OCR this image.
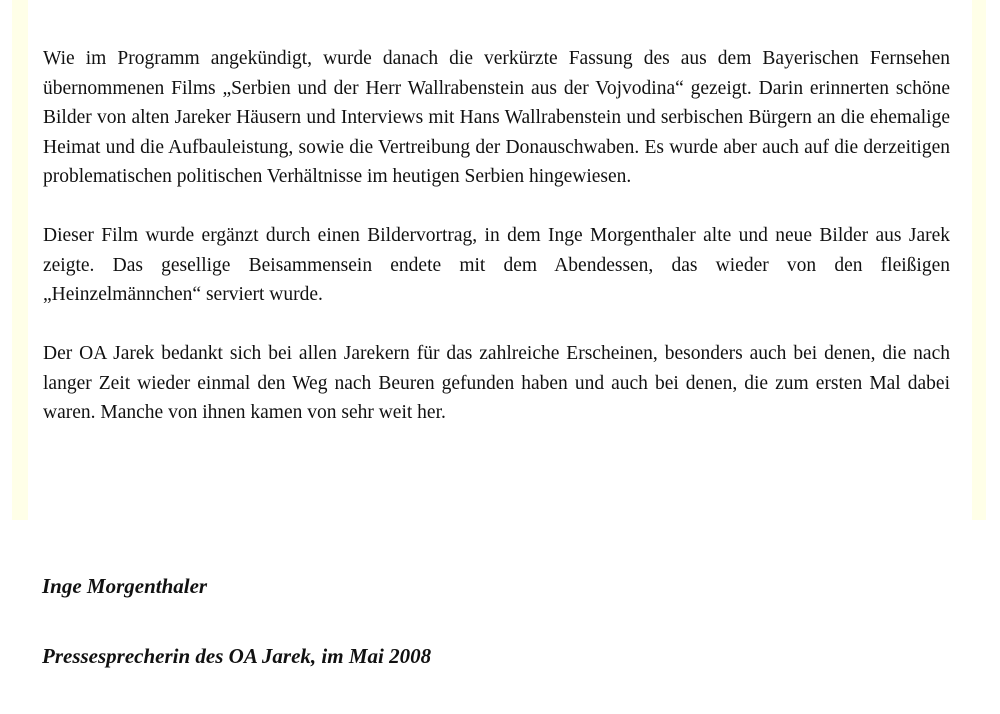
Wie im Programm angekündigt, wurde danach die verkürzte Fassung des aus dem Bayerischen Fernsehen übernommenen Films „Serbien und der Herr Wallrabenstein aus der Vojvodina“ gezeigt. Darin erinnerten schöne Bilder von alten Jareker Häusern und Interviews mit Hans Wallrabenstein und serbischen Bürgern an die ehemalige Heimat und die Aufbauleistung, sowie die Vertreibung der Donauschwaben. Es wurde aber auch auf die derzeitigen problematischen politischen Verhältnisse im heutigen Serbien hingewiesen.

Dieser Film wurde ergänzt durch einen Bildervortrag, in dem Inge Morgenthaler alte und neue Bilder aus Jarek zeigte. Das gesellige Beisammensein endete mit dem Abendessen, das wieder von den fleißigen „Heinzelmännchen“ serviert wurde.

Der OA Jarek bedankt sich bei allen Jarekern für das zahlreiche Erscheinen, besonders auch bei denen, die nach langer Zeit wieder einmal den Weg nach Beuren gefunden haben und auch bei denen, die zum ersten Mal dabei waren. Manche von ihnen kamen von sehr weit her.

Inge Morgenthaler
Pressesprecherin des OA Jarek, im Mai 2008
